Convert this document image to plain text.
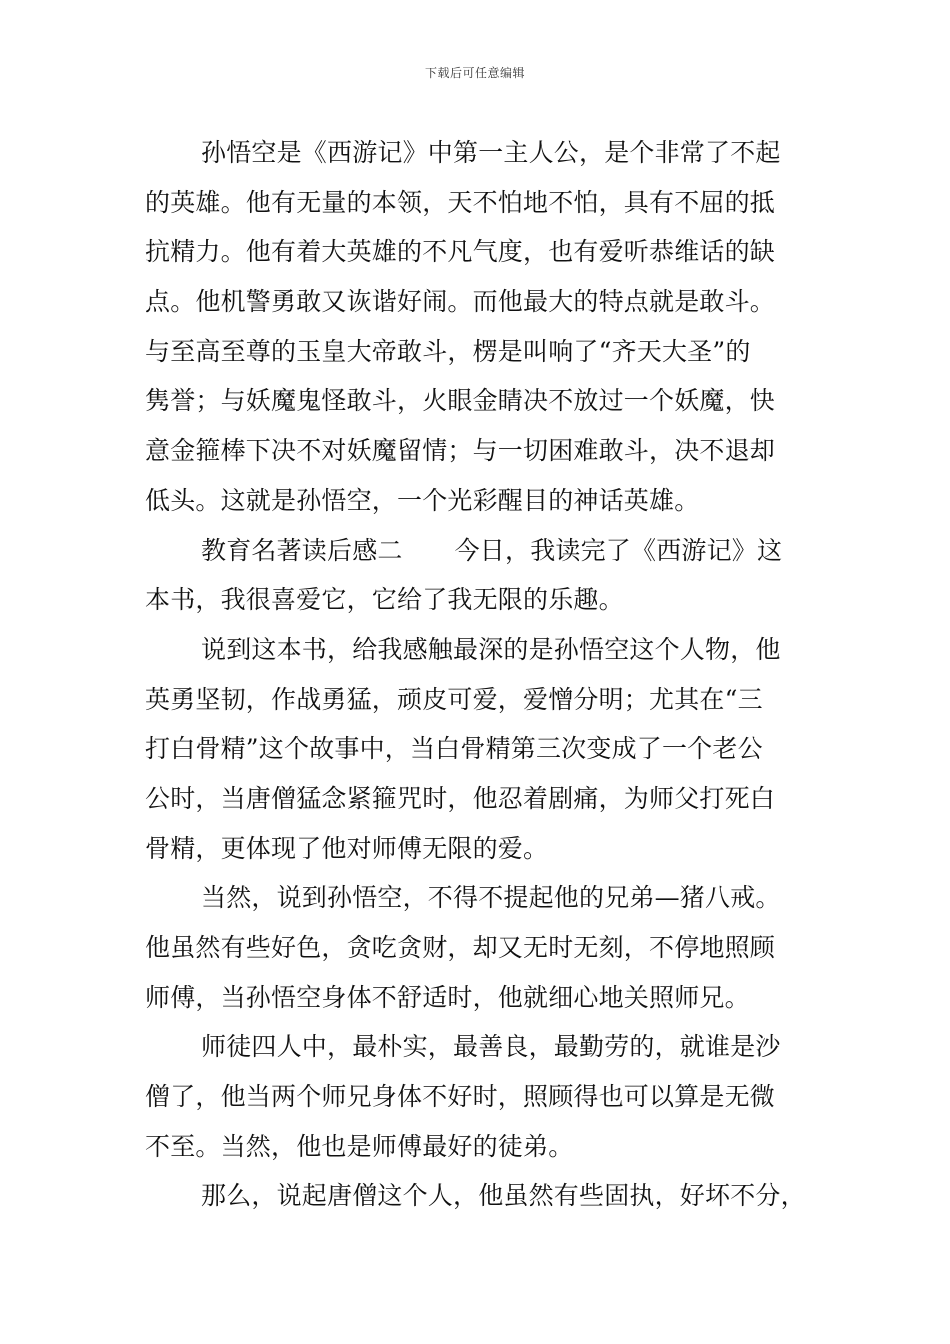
下载后可任意编辑
孙悟空是《西游记》中第一主人公，是个非常了不起
的英雄。他有无量的本领，天不怕地不怕，具有不屈的抵
抗精力。他有着大英雄的不凡气度，也有爱听恭维话的缺
点。他机警勇敢又诙谐好闹。而他最大的特点就是敢斗。
与至高至尊的玉皇大帝敢斗，楞是叫响了“齐天大圣”的
隽誉；与妖魔鬼怪敢斗，火眼金睛决不放过一个妖魔，快
意金箍棒下决不对妖魔留情；与一切困难敢斗，决不退却
低头。这就是孙悟空，一个光彩醒目的神话英雄。
教育名著读后感二 今日，我读完了《西游记》这
本书，我很喜爱它，它给了我无限的乐趣。
说到这本书，给我感触最深的是孙悟空这个人物，他
英勇坚韧，作战勇猛，顽皮可爱，爱憎分明；尤其在“三
打白骨精”这个故事中，当白骨精第三次变成了一个老公
公时，当唐僧猛念紧箍咒时，他忍着剧痛，为师父打死白
骨精，更体现了他对师傅无限的爱。
当然，说到孙悟空，不得不提起他的兄弟—猪八戒。
他虽然有些好色，贪吃贪财，却又无时无刻，不停地照顾
师傅，当孙悟空身体不舒适时，他就细心地关照师兄。
师徒四人中，最朴实，最善良，最勤劳的，就谁是沙
僧了，他当两个师兄身体不好时，照顾得也可以算是无微
不至。当然，他也是师傅最好的徒弟。
那么，说起唐僧这个人，他虽然有些固执，好坏不分，
